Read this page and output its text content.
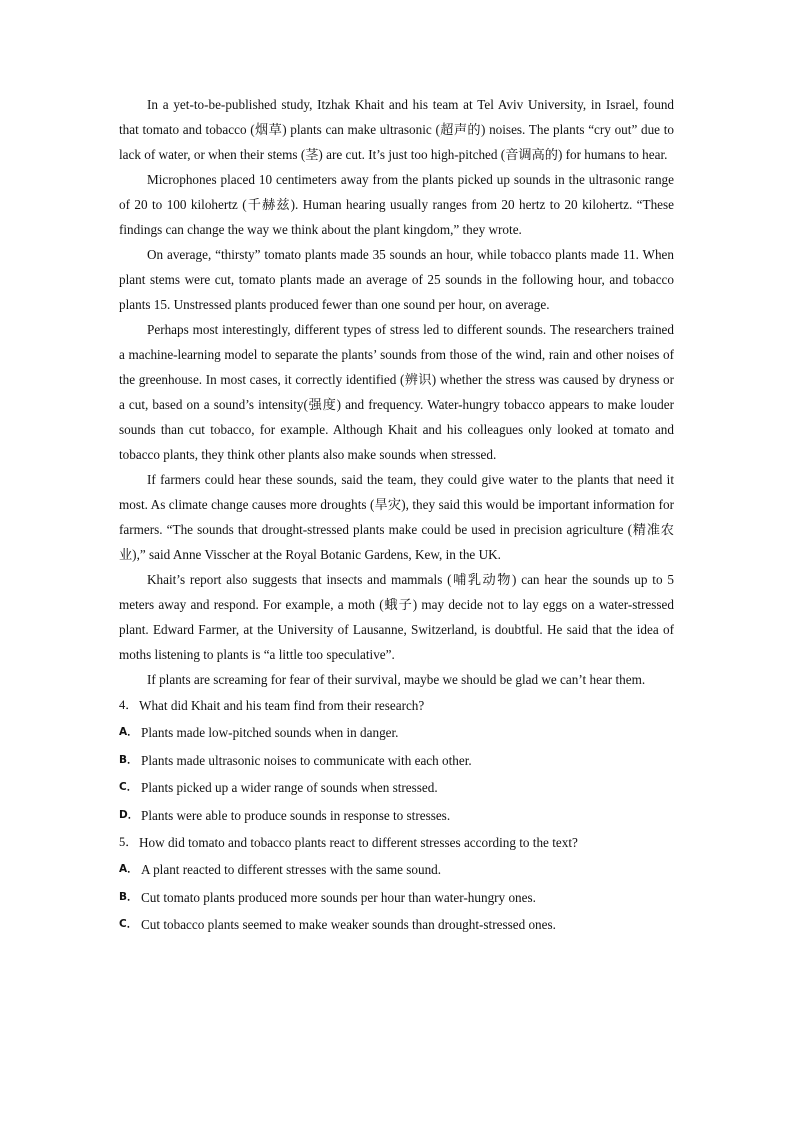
In a yet-to-be-published study, Itzhak Khait and his team at Tel Aviv University, in Israel, found that tomato and tobacco (烟草) plants can make ultrasonic (超声的) noises. The plants “cry out” due to lack of water, or when their stems (茎) are cut. It’s just too high-pitched (音调高的) for humans to hear.

Microphones placed 10 centimeters away from the plants picked up sounds in the ultrasonic range of 20 to 100 kilohertz (千赫兹). Human hearing usually ranges from 20 hertz to 20 kilohertz. “These findings can change the way we think about the plant kingdom,” they wrote.

On average, “thirsty” tomato plants made 35 sounds an hour, while tobacco plants made 11. When plant stems were cut, tomato plants made an average of 25 sounds in the following hour, and tobacco plants 15. Unstressed plants produced fewer than one sound per hour, on average.

Perhaps most interestingly, different types of stress led to different sounds. The researchers trained a machine-learning model to separate the plants’ sounds from those of the wind, rain and other noises of the greenhouse. In most cases, it correctly identified (辨识) whether the stress was caused by dryness or a cut, based on a sound’s intensity(强度) and frequency. Water-hungry tobacco appears to make louder sounds than cut tobacco, for example. Although Khait and his colleagues only looked at tomato and tobacco plants, they think other plants also make sounds when stressed.

If farmers could hear these sounds, said the team, they could give water to the plants that need it most. As climate change causes more droughts (旱灾), they said this would be important information for farmers. “The sounds that drought-stressed plants make could be used in precision agriculture (精准农业),” said Anne Visscher at the Royal Botanic Gardens, Kew, in the UK.

Khait’s report also suggests that insects and mammals (哺乳动物) can hear the sounds up to 5 meters away and respond. For example, a moth (蛾子) may decide not to lay eggs on a water-stressed plant. Edward Farmer, at the University of Lausanne, Switzerland, is doubtful. He said that the idea of moths listening to plants is “a little too speculative”.

If plants are screaming for fear of their survival, maybe we should be glad we can’t hear them.

4． What did Khait and his team find from their research?

A． Plants made low-pitched sounds when in danger.

B． Plants made ultrasonic noises to communicate with each other.

C． Plants picked up a wider range of sounds when stressed.

D． Plants were able to produce sounds in response to stresses.

5． How did tomato and tobacco plants react to different stresses according to the text?

A． A plant reacted to different stresses with the same sound.

B． Cut tomato plants produced more sounds per hour than water-hungry ones.

C． Cut tobacco plants seemed to make weaker sounds than drought-stressed ones.
